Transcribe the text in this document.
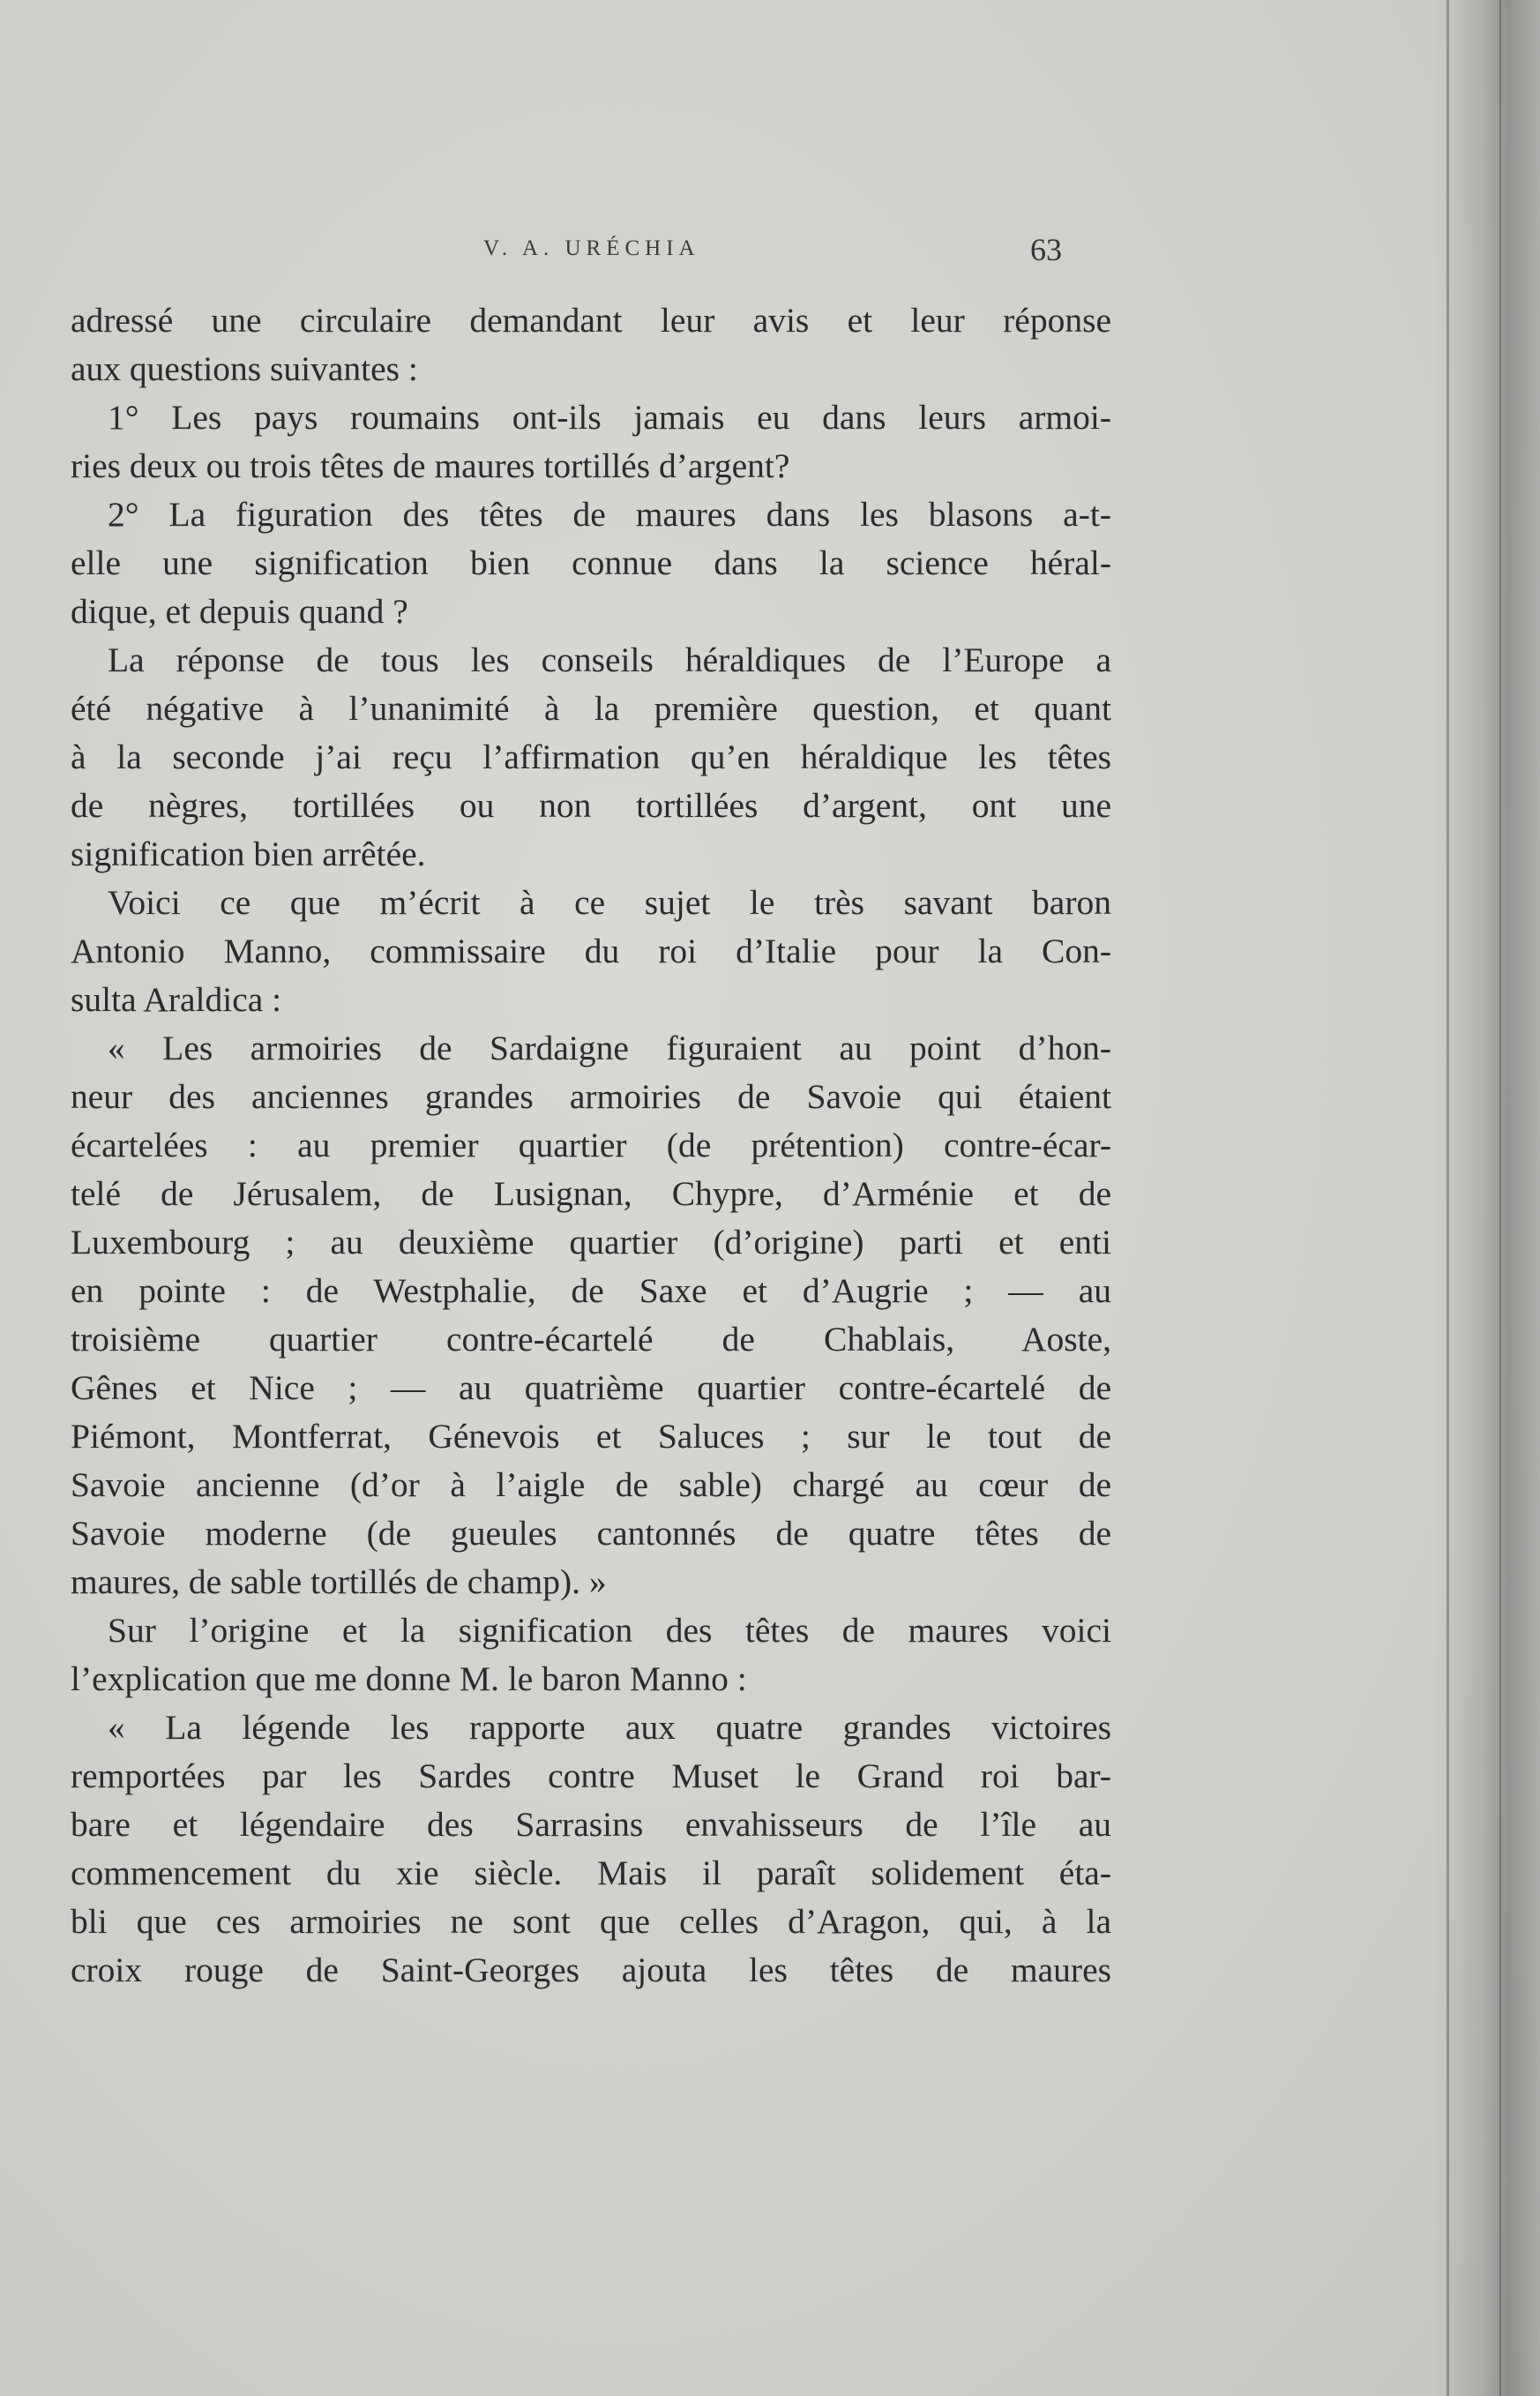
V. A. URÉCHIA	63
adressé une circulaire demandant leur avis et leur réponse
aux questions suivantes :
1° Les pays roumains ont-ils jamais eu dans leurs armoi-
ries deux ou trois têtes de maures tortillés d’argent?
2° La figuration des têtes de maures dans les blasons a-t-
elle une signification bien connue dans la science héral-
dique, et depuis quand ?
La réponse de tous les conseils héraldiques de l’Europe a
été négative à l’unanimité à la première question, et quant
à la seconde j’ai reçu l’affirmation qu’en héraldique les têtes
de nègres, tortillées ou non tortillées d’argent, ont une
signification bien arrêtée.
Voici ce que m’écrit à ce sujet le très savant baron
Antonio Manno, commissaire du roi d’Italie pour la Con-
sulta Araldica :
« Les armoiries de Sardaigne figuraient au point d’hon-
neur des anciennes grandes armoiries de Savoie qui étaient
écartelées : au premier quartier (de prétention) contre-écar-
telé de Jérusalem, de Lusignan, Chypre, d’Arménie et de
Luxembourg ; au deuxième quartier (d’origine) parti et enti
en pointe : de Westphalie, de Saxe et d’Augrie ; — au
troisième quartier contre-écartelé de Chablais, Aoste,
Gênes et Nice ; — au quatrième quartier contre-écartelé de
Piémont, Montferrat, Génevois et Saluces ; sur le tout de
Savoie ancienne (d’or à l’aigle de sable) chargé au cœur de
Savoie moderne (de gueules cantonnés de quatre têtes de
maures, de sable tortillés de champ). »
Sur l’origine et la signification des têtes de maures voici
l’explication que me donne M. le baron Manno :
« La légende les rapporte aux quatre grandes victoires
remportées par les Sardes contre Muset le Grand roi bar-
bare et légendaire des Sarrasins envahisseurs de l’île au
commencement du xie siècle. Mais il paraît solidement éta-
bli que ces armoiries ne sont que celles d’Aragon, qui, à la
croix rouge de Saint-Georges ajouta les têtes de maures
